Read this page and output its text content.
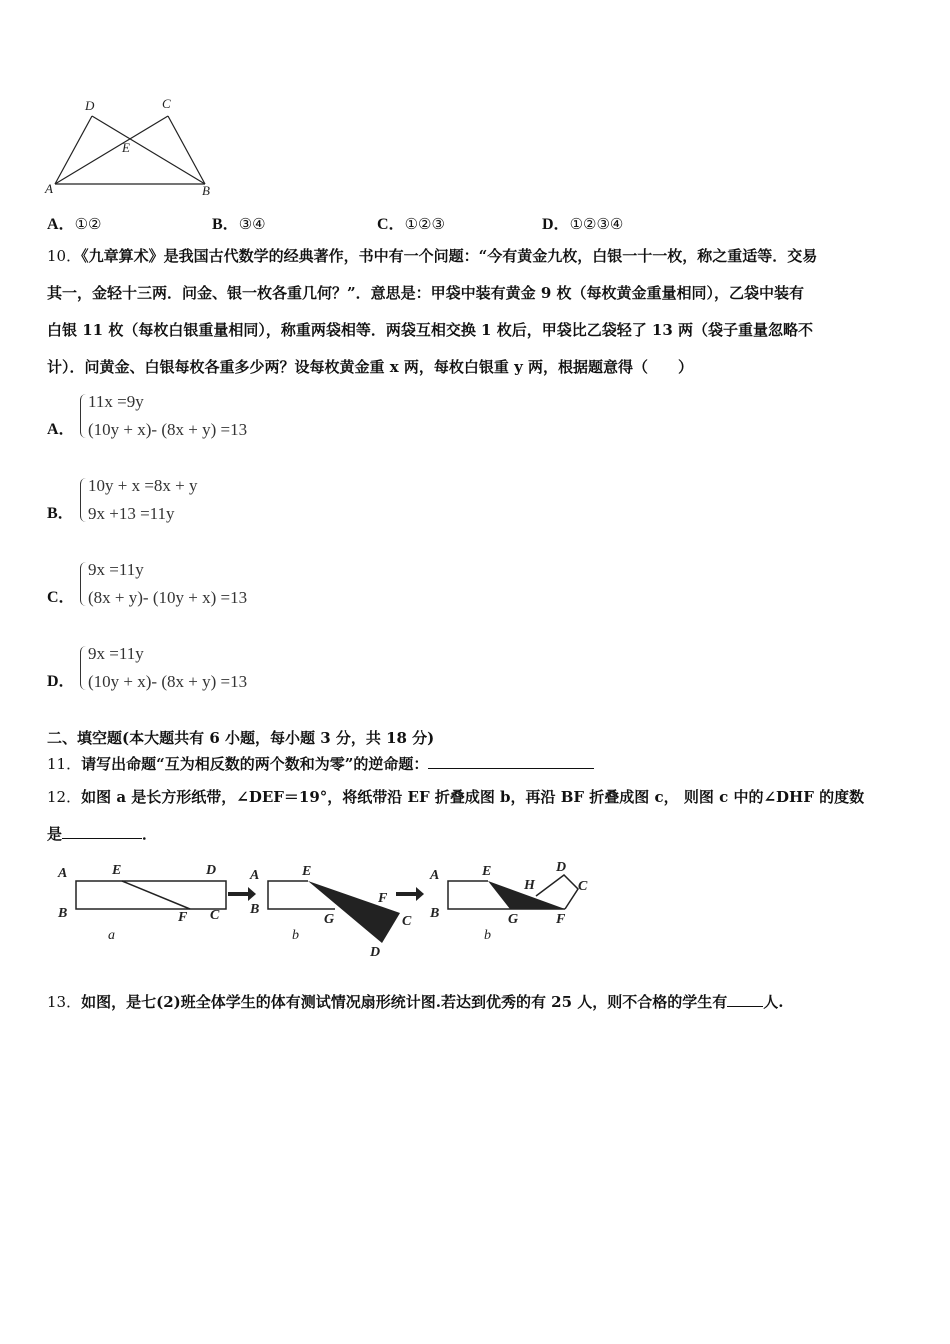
D	C
E
A	B
A．①②	B．③④	C．①②③	D．①②③④
10．《九章算术》是我国古代数学的经典著作，书中有一个问题：“今有黄金九枚，白银一十一枚，称之重适等．交易
其一，金轻十三两．问金、银一枚各重几何？”．意思是：甲袋中装有黄金 9 枚（每枚黄金重量相同），乙袋中装有
白银 11 枚（每枚白银重量相同），称重两袋相等．两袋互相交换 1 枚后，甲袋比乙袋轻了 13 两（袋子重量忽略不
计）．问黄金、白银每枚各重多少两？设每枚黄金重 x 两，每枚白银重 y 两，根据题意得（　　）
A．
11x =9y
(10y + x)- (8x + y) =13
B．
10y + x =8x + y
9x +13 =11y
C．
9x =11y
(8x + y)- (10y + x) =13
D．
9x =11y
(10y + x)- (8x + y) =13
二、填空题(本大题共有 6 小题，每小题 3 分，共 18 分)
11．请写出命题“互为相反数的两个数和为零”的逆命题：
12．如图 a 是长方形纸带，∠DEF＝19°，将纸带沿 EF 折叠成图 b，再沿 BF 折叠成图 c， 则图 c 中的∠DHF 的度数
是	．
A	E	D
B	F C
a
A	E
B
G
F
C
D
b
A	E
H
D
C
B	G	F
b
13．如图，是七(2)班全体学生的体有测试情况扇形统计图.若达到优秀的有 25 人，则不合格的学生有 人.
